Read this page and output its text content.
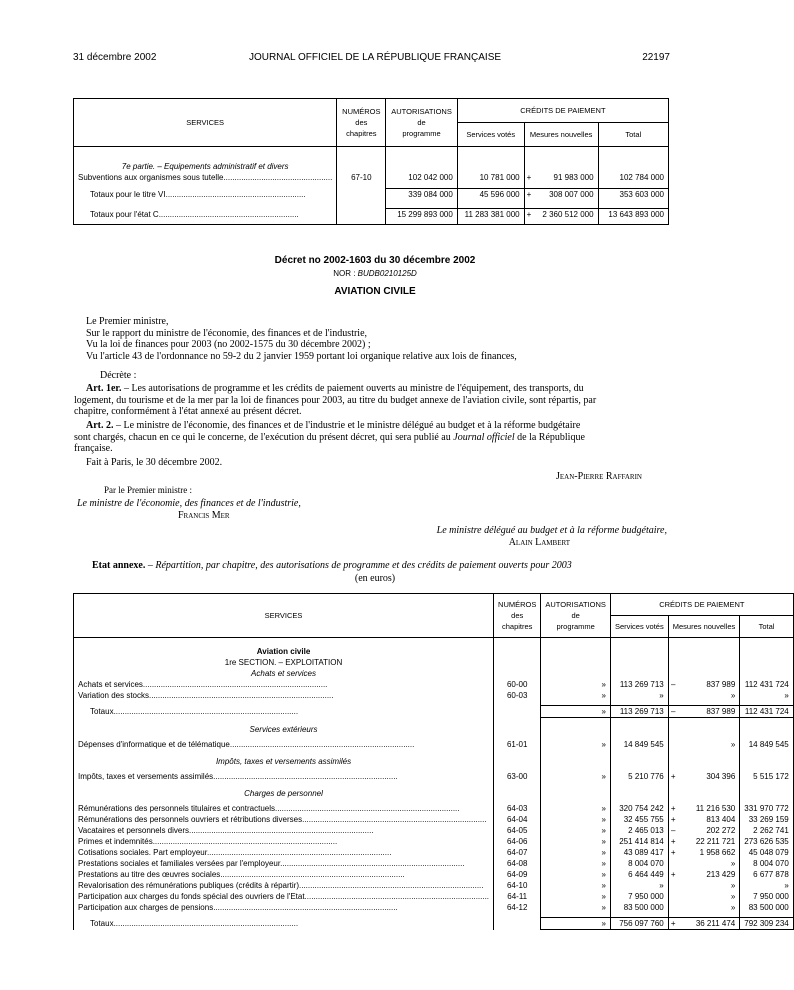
31 décembre 2002	JOURNAL OFFICIEL DE LA RÉPUBLIQUE FRANÇAISE	22197
SERVICES	NUMÉROS
des
chapitres	AUTORISATIONS
de
programme	CRÉDITS DE PAIEMENT			
			Services votés	Mesures nouvelles		Total

7e partie. – Equipements administratif et divers						
Subventions aux organismes sous tutelle.................................................	67-10	102 042 000	10 781 000	+	91 983 000	102 784 000

Totaux pour le titre VI...............................................................		339 084 000	45 596 000	+	308 007 000	353 603 000

Totaux pour l'état C...............................................................		15 299 893 000	11 283 381 000	+	2 360 512 000	13 643 893 000
Décret no 2002-1603 du 30 décembre 2002
NOR : BUDB0210125D
AVIATION CIVILE
Le Premier ministre,
Sur le rapport du ministre de l'économie, des finances et de l'industrie,
Vu la loi de finances pour 2003 (no 2002-1575 du 30 décembre 2002) ;
Vu l'article 43 de l'ordonnance no 59-2 du 2 janvier 1959 portant loi organique relative aux lois de finances,
Décrète :
Art. 1er. – Les autorisations de programme et les crédits de paiement ouverts au ministre de l'équipement, des transports, du
logement, du tourisme et de la mer par la loi de finances pour 2003, au titre du budget annexe de l'aviation civile, sont répartis, par
chapitre, conformément à l'état annexé au présent décret.
Art. 2. – Le ministre de l'économie, des finances et de l'industrie et le ministre délégué au budget et à la réforme budgétaire
sont chargés, chacun en ce qui le concerne, de l'exécution du présent décret, qui sera publié au Journal officiel de la République
française.
Fait à Paris, le 30 décembre 2002.
Jean-Pierre Raffarin
Par le Premier ministre :
Le ministre de l'économie, des finances et de l'industrie,
Francis Mer
Le ministre délégué au budget et à la réforme budgétaire,
Alain Lambert
Etat annexe. – Répartition, par chapitre, des autorisations de programme et des crédits de paiement ouverts pour 2003
(en euros)
SERVICES	NUMÉROS
des
chapitres	AUTORISATIONS
de
programme	CRÉDITS DE PAIEMENT			
			Services votés	Mesures nouvelles		Total

Aviation civile						
1re SECTION. – EXPLOITATION						
Achats et services						
Achats et services...................................................................................	60-00	»	113 269 713	–	837 989	112 431 724
Variation des stocks...................................................................................	60-03	»	»		»	»

Totaux...................................................................................		»	113 269 713	–	837 989	112 431 724

Services extérieurs						

Dépenses d'informatique et de télématique...................................................................................	61-01	»	14 849 545		»	14 849 545

Impôts, taxes et versements assimilés						

Impôts, taxes et versements assimilés...................................................................................	63-00	»	5 210 776	+	304 396	5 515 172

Charges de personnel						

Rémunérations des personnels titulaires et contractuels...................................................................................	64-03	»	320 754 242	+	11 216 530	331 970 772
Rémunérations des personnels ouvriers et rétributions diverses...................................................................................	64-04	»	32 455 755	+	813 404	33 269 159
Vacataires et personnels divers...................................................................................	64-05	»	2 465 013	–	202 272	2 262 741
Primes et indemnités...................................................................................	64-06	»	251 414 814	+	22 211 721	273 626 535
Cotisations sociales. Part employeur...................................................................................	64-07	»	43 089 417	+	1 958 662	45 048 079
Prestations sociales et familiales versées par l'employeur...................................................................................	64-08	»	8 004 070		»	8 004 070
Prestations au titre des œuvres sociales...................................................................................	64-09	»	6 464 449	+	213 429	6 677 878
Revalorisation des rémunérations publiques (crédits à répartir)...................................................................................	64-10	»	»		»	»
Participation aux charges du fonds spécial des ouvriers de l'Etat...................................................................................	64-11	»	7 950 000		»	7 950 000
Participation aux charges de pensions...................................................................................	64-12	»	83 500 000		»	83 500 000

Totaux...................................................................................		»	756 097 760	+	36 211 474	792 309 234
